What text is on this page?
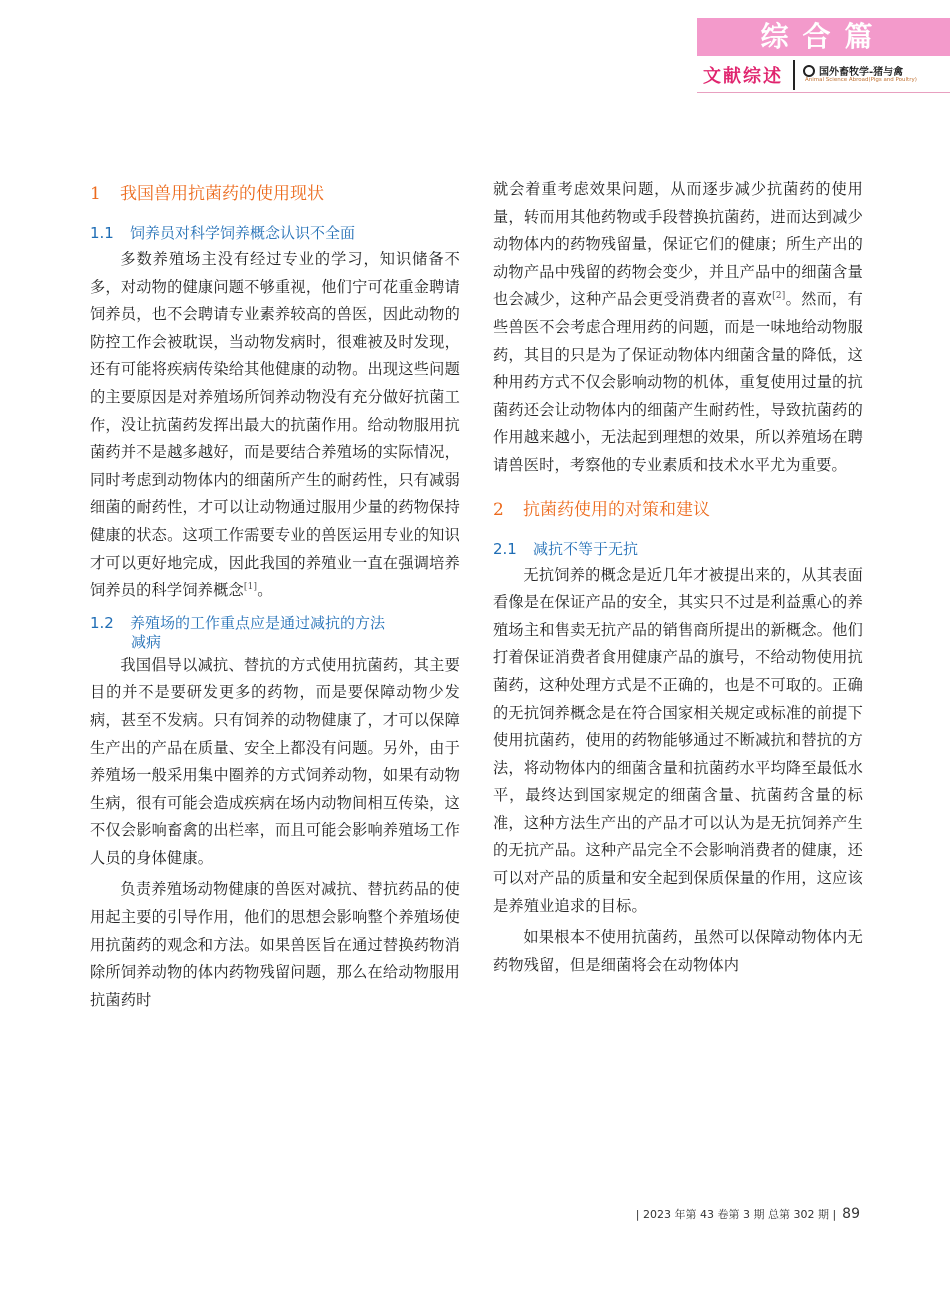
综合篇
文献综述	国外畜牧学-猪与禽
Animal Science Abroad(Pigs and Poultry)
1 我国兽用抗菌药的使用现状
1.1 饲养员对科学饲养概念认识不全面

多数养殖场主没有经过专业的学习，知识储备不多，对动物的健康问题不够重视，他们宁可花重金聘请饲养员，也不会聘请专业素养较高的兽医，因此动物的防控工作会被耽误，当动物发病时，很难被及时发现，还有可能将疾病传染给其他健康的动物。出现这些问题的主要原因是对养殖场所饲养动物没有充分做好抗菌工作，没让抗菌药发挥出最大的抗菌作用。给动物服用抗菌药并不是越多越好，而是要结合养殖场的实际情况，同时考虑到动物体内的细菌所产生的耐药性，只有减弱细菌的耐药性，才可以让动物通过服用少量的药物保持健康的状态。这项工作需要专业的兽医运用专业的知识才可以更好地完成，因此我国的养殖业一直在强调培养饲养员的科学饲养概念[1]。

1.2 养殖场的工作重点应是通过减抗的方法
减病

我国倡导以减抗、替抗的方式使用抗菌药，其主要目的并不是要研发更多的药物，而是要保障动物少发病，甚至不发病。只有饲养的动物健康了，才可以保障生产出的产品在质量、安全上都没有问题。另外，由于养殖场一般采用集中圈养的方式饲养动物，如果有动物生病，很有可能会造成疾病在场内动物间相互传染，这不仅会影响畜禽的出栏率，而且可能会影响养殖场工作人员的身体健康。

负责养殖场动物健康的兽医对减抗、替抗药品的使用起主要的引导作用，他们的思想会影响整个养殖场使用抗菌药的观念和方法。如果兽医旨在通过替换药物消除所饲养动物的体内药物残留问题，那么在给动物服用抗菌药时

就会着重考虑效果问题，从而逐步减少抗菌药的使用量，转而用其他药物或手段替换抗菌药，进而达到减少动物体内的药物残留量，保证它们的健康；所生产出的动物产品中残留的药物会变少，并且产品中的细菌含量也会减少，这种产品会更受消费者的喜欢[2]。然而，有些兽医不会考虑合理用药的问题，而是一味地给动物服药，其目的只是为了保证动物体内细菌含量的降低，这种用药方式不仅会影响动物的机体，重复使用过量的抗菌药还会让动物体内的细菌产生耐药性，导致抗菌药的作用越来越小，无法起到理想的效果，所以养殖场在聘请兽医时，考察他的专业素质和技术水平尤为重要。

2 抗菌药使用的对策和建议
2.1 减抗不等于无抗

无抗饲养的概念是近几年才被提出来的，从其表面看像是在保证产品的安全，其实只不过是利益熏心的养殖场主和售卖无抗产品的销售商所提出的新概念。他们打着保证消费者食用健康产品的旗号，不给动物使用抗菌药，这种处理方式是不正确的，也是不可取的。正确的无抗饲养概念是在符合国家相关规定或标准的前提下使用抗菌药，使用的药物能够通过不断减抗和替抗的方法，将动物体内的细菌含量和抗菌药水平均降至最低水平，最终达到国家规定的细菌含量、抗菌药含量的标准，这种方法生产出的产品才可以认为是无抗饲养产生的无抗产品。这种产品完全不会影响消费者的健康，还可以对产品的质量和安全起到保质保量的作用，这应该是养殖业追求的目标。

如果根本不使用抗菌药，虽然可以保障动物体内无药物残留，但是细菌将会在动物体内

| 2023 年第 43 卷第 3 期 总第 302 期 | 89
